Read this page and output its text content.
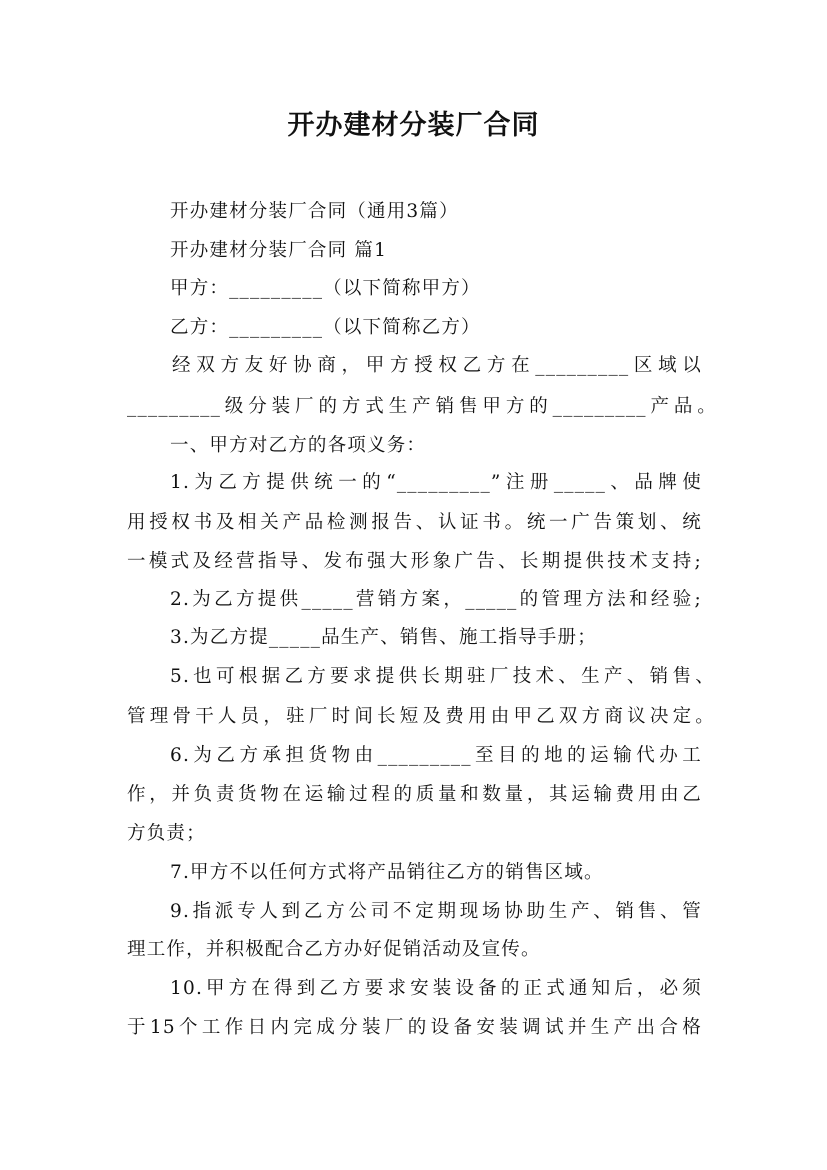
开办建材分装厂合同
开办建材分装厂合同（通用3篇）
开办建材分装厂合同 篇1
甲方：_________（以下简称甲方）
乙方：_________（以下简称乙方）
经双方友好协商，甲方授权乙方在_________区域以
_________级分装厂的方式生产销售甲方的_________产品。
一、甲方对乙方的各项义务：
1.为乙方提供统一的“_________”注册_____、品牌使
用授权书及相关产品检测报告、认证书。统一广告策划、统
一模式及经营指导、发布强大形象广告、长期提供技术支持;
2.为乙方提供_____营销方案，_____的管理方法和经验;
3.为乙方提_____品生产、销售、施工指导手册；
5.也可根据乙方要求提供长期驻厂技术、生产、销售、
管理骨干人员，驻厂时间长短及费用由甲乙双方商议决定。
6.为乙方承担货物由_________至目的地的运输代办工
作，并负责货物在运输过程的质量和数量，其运输费用由乙
方负责；
7.甲方不以任何方式将产品销往乙方的销售区域。
9.指派专人到乙方公司不定期现场协助生产、销售、管
理工作，并积极配合乙方办好促销活动及宣传。
10.甲方在得到乙方要求安装设备的正式通知后，必须
于15个工作日内完成分装厂的设备安装调试并生产出合格
